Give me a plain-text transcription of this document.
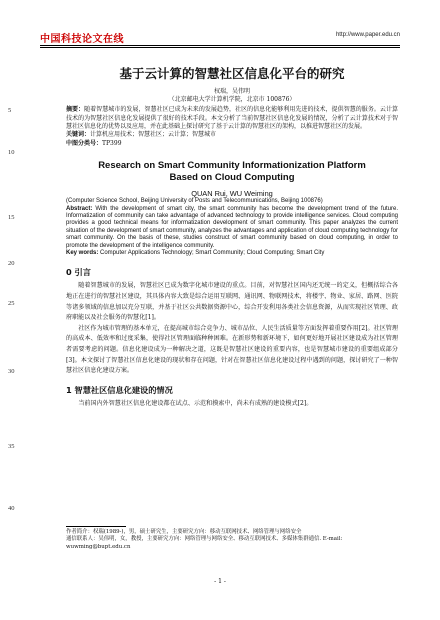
中国科技论文在线	http://www.paper.edu.cn
5
10
15
20
25
30
35
40
基于云计算的智慧社区信息化平台的研究
权瑞，吴伟明
（北京邮电大学计算机学院，北京市 100876）
摘要：随着智慧城市的发展，智慧社区已成为未来的发展趋势，社区的信息化能够利用先进的技术，提供智慧的服务。云计算技术的为智慧社区信息化发展提供了很好的技术手段。本文分析了当前智慧社区信息化发展的情况，分析了云计算技术对于智慧社区信息化的优势以及应用，并在此基础上探讨研究了基于云计算的智慧社区的架构，以推进智慧社区的发展。
关键词：计算机应用技术；智慧社区；云计算；智慧城市
中图分类号：TP399
Research on Smart Community Informationization Platform
Based on Cloud Computing
QUAN Rui, WU Weiming
(Computer Science School, Beijing University of Posts and Telecommunications, Beijing 100876)
Abstract: With the development of smart city, the smart community has become the development trend of the future. Informatization of community can take advantage of advanced technology to provide intelligence services. Cloud computing provides a good technical means for informatization development of smart community. This paper analyzes the current situation of the development of smart community, analyzes the advantages and application of cloud computing technology for smart community. On the basis of these, studies construct of smart community based on cloud computing, in order to promote the development of the intelligence community.
Key words: Computer Applications Technology; Smart Community; Cloud Computing; Smart City
0 引言
随着智慧城市的发展，智慧社区已成为数字化城市建设的重点。目前，对智慧社区国内还无统一的定义，但概括综合各地正在进行的智慧社区建设，其具体内容大致是综合运用互联网、通讯网、物联网技术，将楼宇、物业、家居、路网、医院等诸多领域的信息加以充分互联，并基于社区公共数据资源中心，综合开发利用各类社会信息资源，从而实现社区管理、政府职能以及社会服务的智慧化[1]。
社区作为城市管理的基本单元，在提高城市综合竞争力、城市品位、人民生活质量等方面发挥着重要作用[2]。社区管理的高成本、低效率和过度采集，使得社区管理面临种种困难。在新形势和新环境下，如何更好地开展社区建设成为社区管理者需要考虑的问题。信息化建设成为一种解决之道，这既是智慧社区建设的重要内容，也是智慧城市建设的重要组成部分[3]。本文探讨了智慧社区信息化建设的现状和存在问题，针对在智慧社区信息化建设过程中遇到的问题，探讨研究了一种智慧社区信息化建设方案。
1 智慧社区信息化建设的情况
当前国内外智慧社区信息化建设都在试点、示范和摸索中，尚未有成熟的建设模式[2]。
作者简介：权瑞(1989-)，男，硕士研究生，主要研究方向：移动互联网技术、网络管理与网络安全
通信联系人：吴伟明，女，教授，主要研究方向：网络管理与网络安全、移动互联网技术、多媒体集群通信. E-mail: wuwming@bupt.edu.cn
- 1 -
